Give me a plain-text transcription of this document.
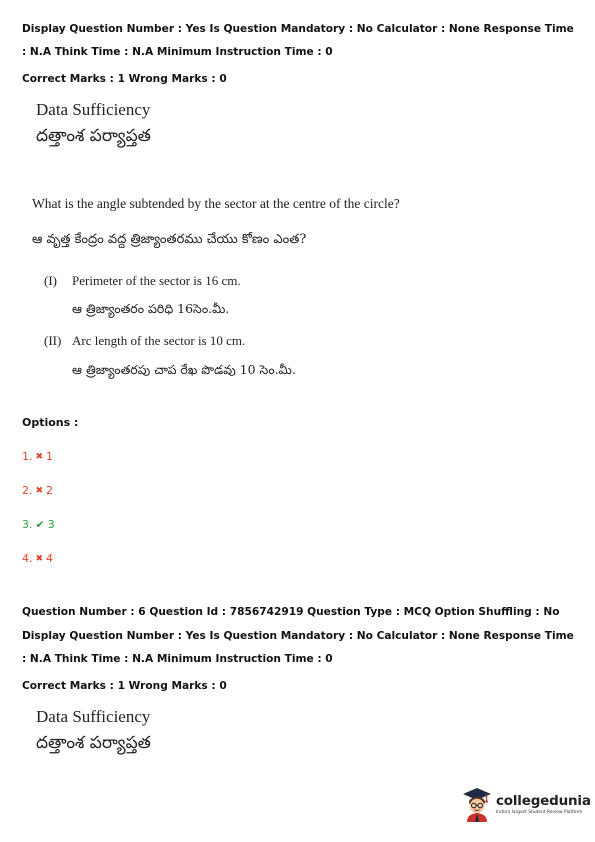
Display Question Number : Yes Is Question Mandatory : No Calculator : None Response Time

: N.A Think Time : N.A Minimum Instruction Time : 0

Correct Marks : 1 Wrong Marks : 0

Data Sufficiency
దత్తాంశ పర్యాప్తత
What is the angle subtended by the sector at the centre of the circle?
ఆ వృత్త కేంద్రం వద్ద త్రిజ్యాంతరము చేయు కోణం ఎంత?
(I) Perimeter of the sector is 16 cm.
ఆ త్రిజ్యాంతరం పరిధి 16సెం.మీ.
(II) Arc length of the sector is 10 cm.
ఆ త్రిజ్యాంతరపు చాప రేఖ పొడవు 10 సెం.మీ.
Options :
1. ✖ 1
2. ✖ 2
3. ✔ 3
4. ✖ 4

Question Number : 6 Question Id : 7856742919 Question Type : MCQ Option Shuffling : No

Display Question Number : Yes Is Question Mandatory : No Calculator : None Response Time

: N.A Think Time : N.A Minimum Instruction Time : 0

Correct Marks : 1 Wrong Marks : 0

Data Sufficiency
దత్తాంశ పర్యాప్తత
collegedunia
India's largest Student Review Platform
